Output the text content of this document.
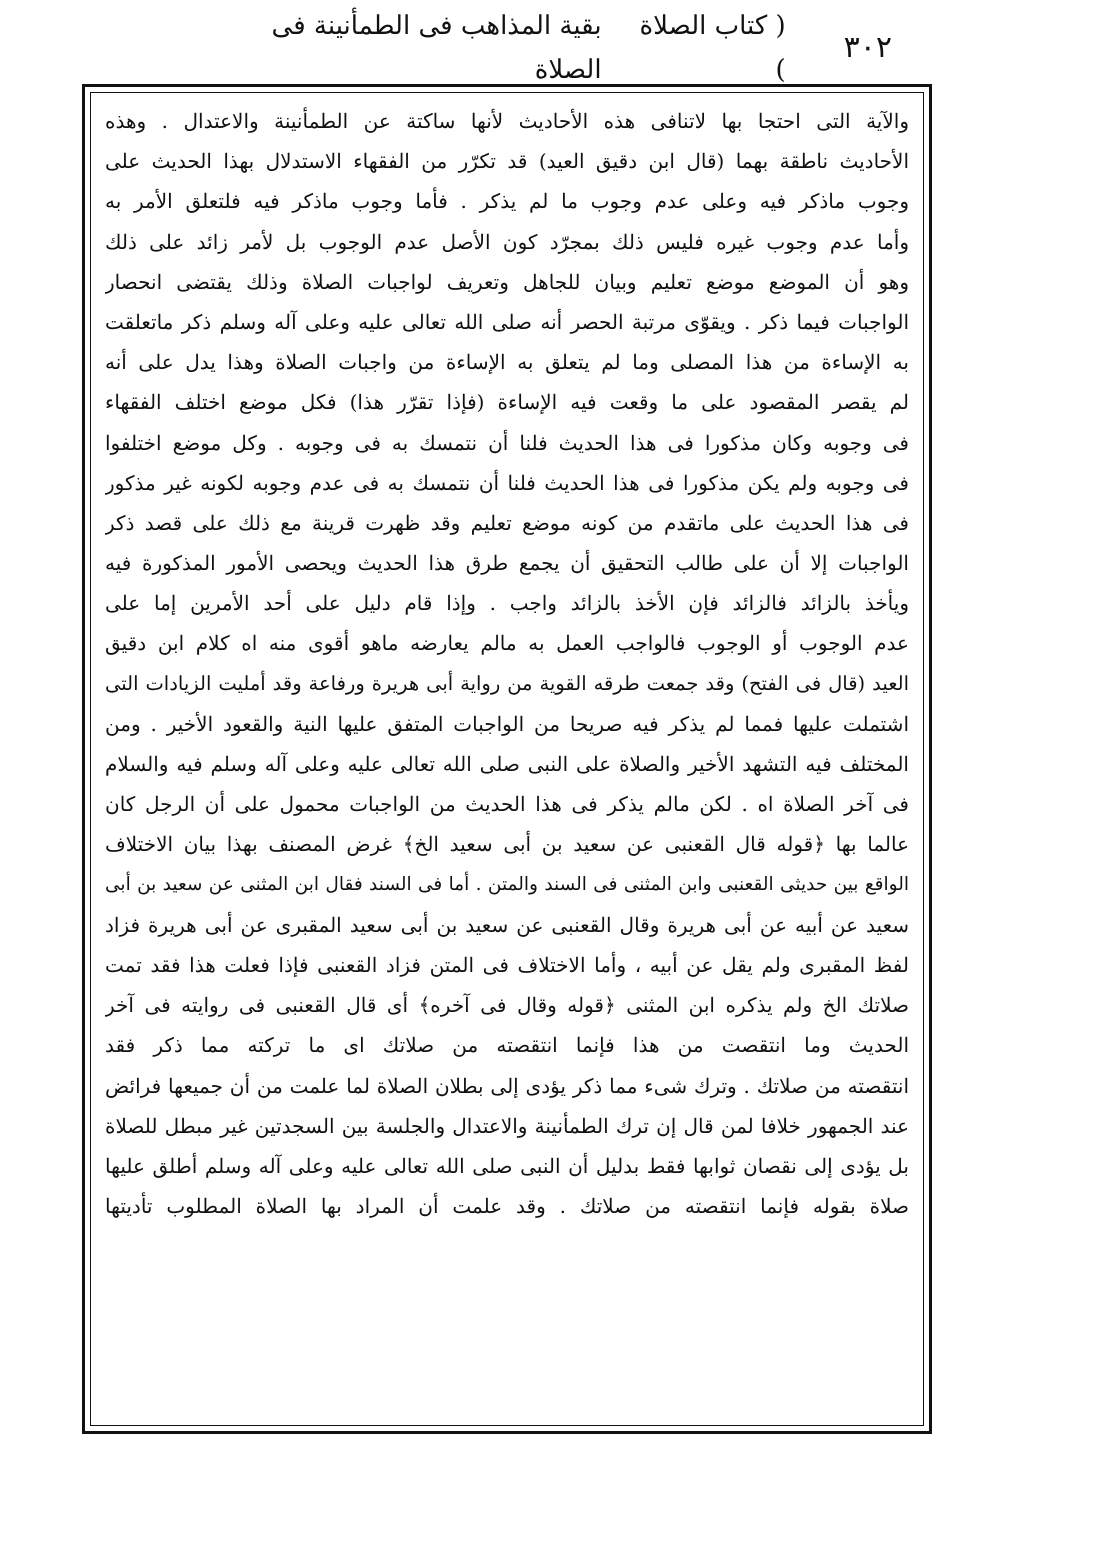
٣٠٢
( كتاب الصلاة )
بقية المذاهب فى الطمأنينة فى الصلاة
والآية التى احتجا بها لاتنافى هذه الأحاديث لأنها ساكتة عن الطمأنينة والاعتدال . وهذه
الأحاديث ناطقة بهما (قال ابن دقيق العيد) قد تكرّر من الفقهاء الاستدلال بهذا الحديث على
وجوب ماذكر فيه وعلى عدم وجوب ما لم يذكر . فأما وجوب ماذكر فيه فلتعلق الأمر به
وأما عدم وجوب غيره فليس ذلك بمجرّد كون الأصل عدم الوجوب بل لأمر زائد على ذلك
وهو أن الموضع موضع تعليم وبيان للجاهل وتعريف لواجبات الصلاة وذلك يقتضى انحصار
الواجبات فيما ذكر . ويقوّى مرتبة الحصر أنه صلى الله تعالى عليه وعلى آله وسلم ذكر ماتعلقت
به الإساءة من هذا المصلى وما لم يتعلق به الإساءة من واجبات الصلاة وهذا يدل على أنه
لم يقصر المقصود على ما وقعت فيه الإساءة (فإذا تقرّر هذا) فكل موضع اختلف الفقهاء
فى وجوبه وكان مذكورا فى هذا الحديث فلنا أن نتمسك به فى وجوبه . وكل موضع اختلفوا
فى وجوبه ولم يكن مذكورا فى هذا الحديث فلنا أن نتمسك به فى عدم وجوبه لكونه غير مذكور
فى هذا الحديث على ماتقدم من كونه موضع تعليم وقد ظهرت قرينة مع ذلك على قصد ذكر
الواجبات إلا أن على طالب التحقيق أن يجمع طرق هذا الحديث ويحصى الأمور المذكورة فيه
ويأخذ بالزائد فالزائد فإن الأخذ بالزائد واجب . وإذا قام دليل على أحد الأمرين إما على
عدم الوجوب أو الوجوب فالواجب العمل به مالم يعارضه ماهو أقوى منه اه كلام ابن دقيق
العيد (قال فى الفتح) وقد جمعت طرقه القوية من رواية أبى هريرة ورفاعة وقد أمليت الزيادات التى
اشتملت عليها فمما لم يذكر فيه صريحا من الواجبات المتفق عليها النية والقعود الأخير . ومن
المختلف فيه التشهد الأخير والصلاة على النبى صلى الله تعالى عليه وعلى آله وسلم فيه والسلام
فى آخر الصلاة اه . لكن مالم يذكر فى هذا الحديث من الواجبات محمول على أن الرجل كان
عالما بها ﴿قوله قال القعنبى عن سعيد بن أبى سعيد الخ﴾ غرض المصنف بهذا بيان الاختلاف
الواقع بين حديثى القعنبى وابن المثنى فى السند والمتن . أما فى السند فقال ابن المثنى عن سعيد بن أبى
سعيد عن أبيه عن أبى هريرة وقال القعنبى عن سعيد بن أبى سعيد المقبرى عن أبى هريرة فزاد
لفظ المقبرى ولم يقل عن أبيه ، وأما الاختلاف فى المتن فزاد القعنبى فإذا فعلت هذا فقد تمت
صلاتك الخ ولم يذكره ابن المثنى ﴿قوله وقال فى آخره﴾ أى قال القعنبى فى روايته فى آخر
الحديث وما انتقصت من هذا فإنما انتقصته من صلاتك اى ما تركته مما ذكر فقد
انتقصته من صلاتك . وترك شىء مما ذكر يؤدى إلى بطلان الصلاة لما علمت من أن جميعها فرائض
عند الجمهور خلافا لمن قال إن ترك الطمأنينة والاعتدال والجلسة بين السجدتين غير مبطل للصلاة
بل يؤدى إلى نقصان ثوابها فقط بدليل أن النبى صلى الله تعالى عليه وعلى آله وسلم أطلق عليها
صلاة بقوله فإنما انتقصته من صلاتك . وقد علمت أن المراد بها الصلاة المطلوب تأديتها
